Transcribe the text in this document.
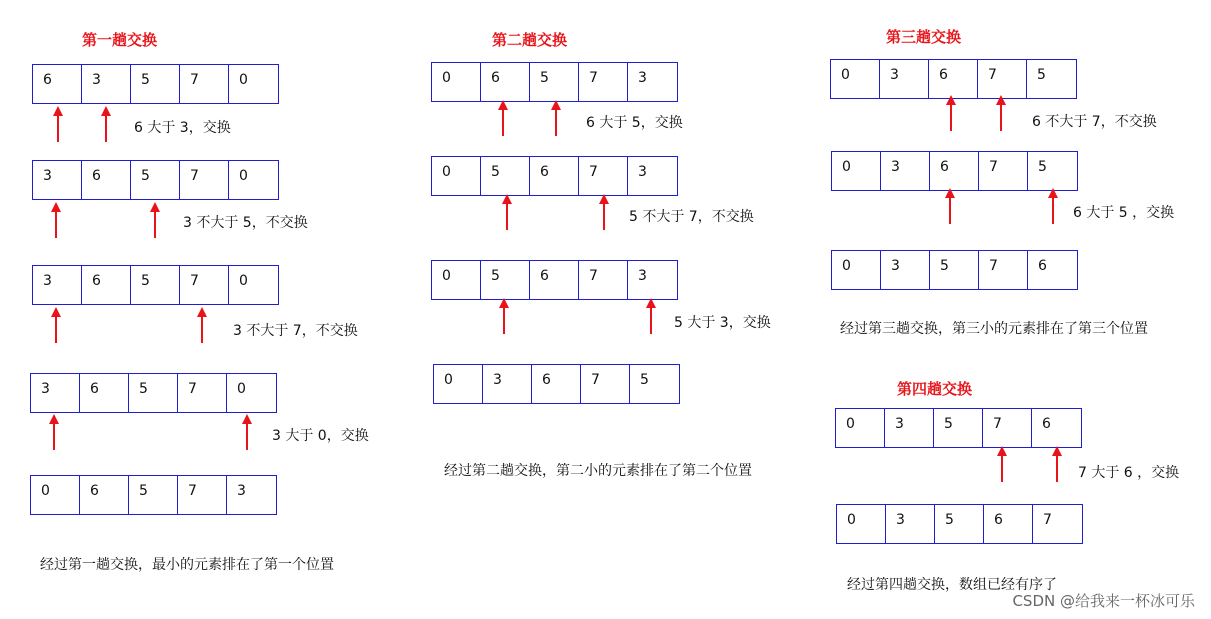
第一趟交换
6	3	5	7	0
6 大于 3，交换
3	6	5	7	0
3 不大于 5，不交换
3	6	5	7	0
3 不大于 7，不交换
3	6	5	7	0
3 大于 0，交换
0	6	5	7	3
经过第一趟交换，最小的元素排在了第一个位置
第二趟交换
0	6	5	7	3
6 大于 5，交换
0	5	6	7	3
5 不大于 7，不交换
0	5	6	7	3
5 大于 3，交换
0	3	6	7	5
经过第二趟交换，第二小的元素排在了第二个位置
第三趟交换
0	3	6	7	5
6 不大于 7，不交换
0	3	6	7	5
6 大于 5 ，交换
0	3	5	7	6
经过第三趟交换，第三小的元素排在了第三个位置
第四趟交换
0	3	5	7	6
7 大于 6 ，交换
0	3	5	6	7
经过第四趟交换，数组已经有序了
CSDN @给我来一杯冰可乐
